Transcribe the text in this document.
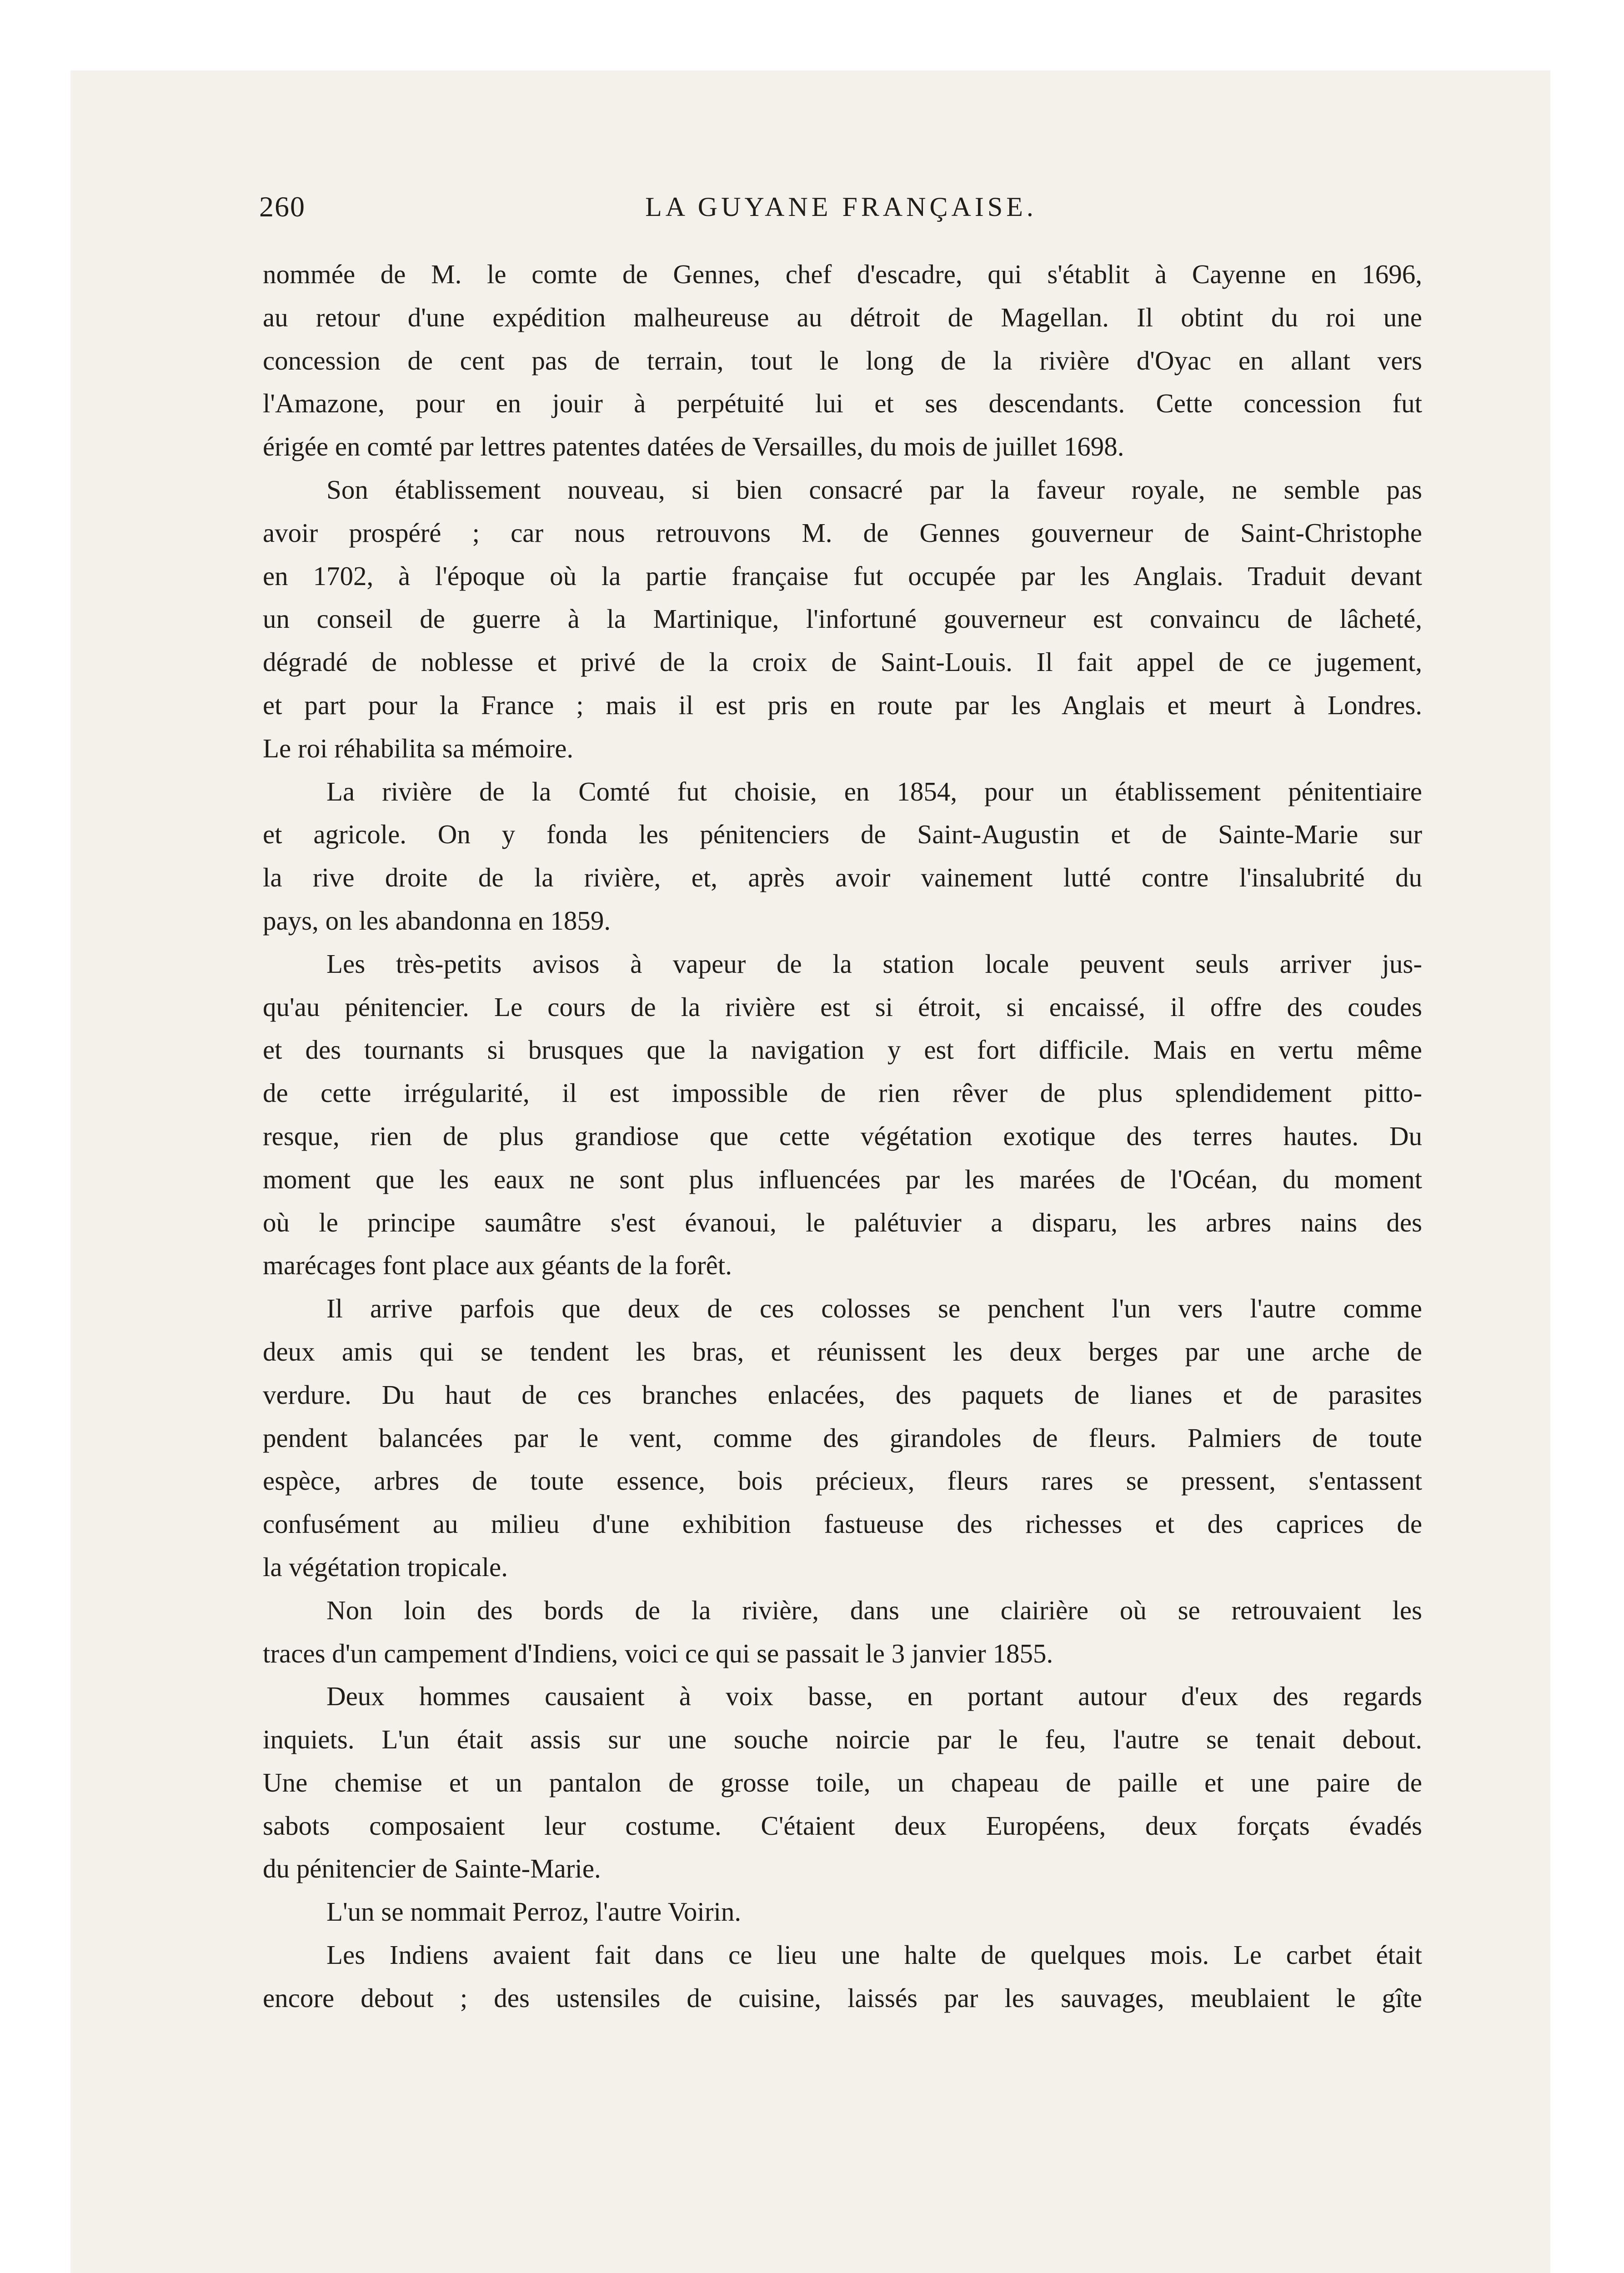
260	LA GUYANE FRANÇAISE.
nommée de M. le comte de Gennes, chef d'escadre, qui s'établit à Cayenne en 1696,
au retour d'une expédition malheureuse au détroit de Magellan. Il obtint du roi une
concession de cent pas de terrain, tout le long de la rivière d'Oyac en allant vers
l'Amazone, pour en jouir à perpétuité lui et ses descendants. Cette concession fut
érigée en comté par lettres patentes datées de Versailles, du mois de juillet 1698.
Son établissement nouveau, si bien consacré par la faveur royale, ne semble pas
avoir prospéré ; car nous retrouvons M. de Gennes gouverneur de Saint-Christophe
en 1702, à l'époque où la partie française fut occupée par les Anglais. Traduit devant
un conseil de guerre à la Martinique, l'infortuné gouverneur est convaincu de lâcheté,
dégradé de noblesse et privé de la croix de Saint-Louis. Il fait appel de ce jugement,
et part pour la France ; mais il est pris en route par les Anglais et meurt à Londres.
Le roi réhabilita sa mémoire.
La rivière de la Comté fut choisie, en 1854, pour un établissement pénitentiaire
et agricole. On y fonda les pénitenciers de Saint-Augustin et de Sainte-Marie sur
la rive droite de la rivière, et, après avoir vainement lutté contre l'insalubrité du
pays, on les abandonna en 1859.
Les très-petits avisos à vapeur de la station locale peuvent seuls arriver jus-
qu'au pénitencier. Le cours de la rivière est si étroit, si encaissé, il offre des coudes
et des tournants si brusques que la navigation y est fort difficile. Mais en vertu même
de cette irrégularité, il est impossible de rien rêver de plus splendidement pitto-
resque, rien de plus grandiose que cette végétation exotique des terres hautes. Du
moment que les eaux ne sont plus influencées par les marées de l'Océan, du moment
où le principe saumâtre s'est évanoui, le palétuvier a disparu, les arbres nains des
marécages font place aux géants de la forêt.
Il arrive parfois que deux de ces colosses se penchent l'un vers l'autre comme
deux amis qui se tendent les bras, et réunissent les deux berges par une arche de
verdure. Du haut de ces branches enlacées, des paquets de lianes et de parasites
pendent balancées par le vent, comme des girandoles de fleurs. Palmiers de toute
espèce, arbres de toute essence, bois précieux, fleurs rares se pressent, s'entassent
confusément au milieu d'une exhibition fastueuse des richesses et des caprices de
la végétation tropicale.
Non loin des bords de la rivière, dans une clairière où se retrouvaient les
traces d'un campement d'Indiens, voici ce qui se passait le 3 janvier 1855.
Deux hommes causaient à voix basse, en portant autour d'eux des regards
inquiets. L'un était assis sur une souche noircie par le feu, l'autre se tenait debout.
Une chemise et un pantalon de grosse toile, un chapeau de paille et une paire de
sabots composaient leur costume. C'étaient deux Européens, deux forçats évadés
du pénitencier de Sainte-Marie.
L'un se nommait Perroz, l'autre Voirin.
Les Indiens avaient fait dans ce lieu une halte de quelques mois. Le carbet était
encore debout ; des ustensiles de cuisine, laissés par les sauvages, meublaient le gîte
